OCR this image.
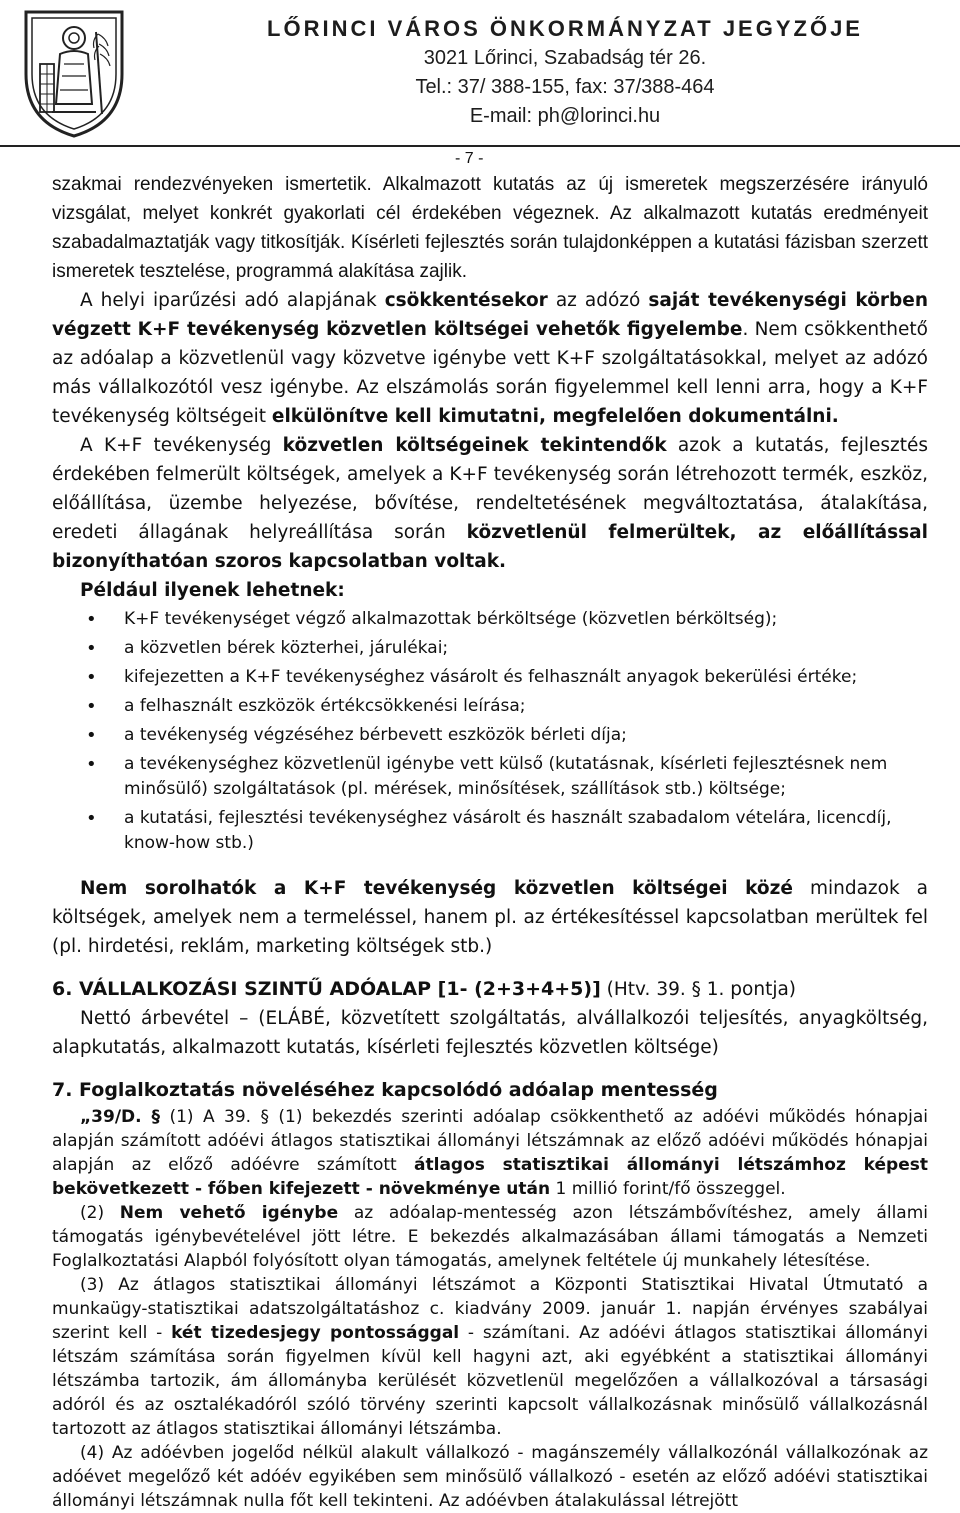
LŐRINCI VÁROS ÖNKORMÁNYZAT JEGYZŐJE
3021 Lőrinci, Szabadság tér 26.
Tel.: 37/ 388-155, fax: 37/388-464
E-mail: ph@lorinci.hu
- 7 -

szakmai rendezvényeken ismertetik. Alkalmazott kutatás az új ismeretek megszerzésére irányuló vizsgálat, melyet konkrét gyakorlati cél érdekében végeznek. Az alkalmazott kutatás eredményeit szabadalmaztatják vagy titkosítják. Kísérleti fejlesztés során tulajdonképpen a kutatási fázisban szerzett ismeretek tesztelése, programmá alakítása zajlik.

A helyi iparűzési adó alapjának csökkentésekor az adózó saját tevékenységi körben végzett K+F tevékenység közvetlen költségei vehetők figyelembe. Nem csökkenthető az adóalap a közvetlenül vagy közvetve igénybe vett K+F szolgáltatásokkal, melyet az adózó más vállalkozótól vesz igénybe. Az elszámolás során figyelemmel kell lenni arra, hogy a K+F tevékenység költségeit elkülönítve kell kimutatni, megfelelően dokumentálni.

A K+F tevékenység közvetlen költségeinek tekintendők azok a kutatás, fejlesztés érdekében felmerült költségek, amelyek a K+F tevékenység során létrehozott termék, eszköz, előállítása, üzembe helyezése, bővítése, rendeltetésének megváltoztatása, átalakítása, eredeti állagának helyreállítása során közvetlenül felmerültek, az előállítással bizonyíthatóan szoros kapcsolatban voltak.

Például ilyenek lehetnek:

• K+F tevékenységet végző alkalmazottak bérköltsége (közvetlen bérköltség);
• a közvetlen bérek közterhei, járulékai;
• kifejezetten a K+F tevékenységhez vásárolt és felhasznált anyagok bekerülési értéke;
• a felhasznált eszközök értékcsökkenési leírása;
• a tevékenység végzéséhez bérbevett eszközök bérleti díja;
• a tevékenységhez közvetlenül igénybe vett külső (kutatásnak, kísérleti fejlesztésnek nem minősülő) szolgáltatások (pl. mérések, minősítések, szállítások stb.) költsége;
• a kutatási, fejlesztési tevékenységhez vásárolt és használt szabadalom vételára, licencdíj, know-how stb.)

Nem sorolhatók a K+F tevékenység közvetlen költségei közé mindazok a költségek, amelyek nem a termeléssel, hanem pl. az értékesítéssel kapcsolatban merültek fel (pl. hirdetési, reklám, marketing költségek stb.)

6. VÁLLALKOZÁSI SZINTŰ ADÓALAP [1- (2+3+4+5)] (Htv. 39. § 1. pontja)

Nettó árbevétel – (ELÁBÉ, közvetített szolgáltatás, alvállalkozói teljesítés, anyagköltség, alapkutatás, alkalmazott kutatás, kísérleti fejlesztés közvetlen költsége)

7. Foglalkoztatás növeléséhez kapcsolódó adóalap mentesség

„39/D. § (1) A 39. § (1) bekezdés szerinti adóalap csökkenthető az adóévi működés hónapjai alapján számított adóévi átlagos statisztikai állományi létszámnak az előző adóévi működés hónapjai alapján az előző adóévre számított átlagos statisztikai állományi létszámhoz képest bekövetkezett - főben kifejezett - növekménye után 1 millió forint/fő összeggel.

(2) Nem vehető igénybe az adóalap-mentesség azon létszámbővítéshez, amely állami támogatás igénybevételével jött létre. E bekezdés alkalmazásában állami támogatás a Nemzeti Foglalkoztatási Alapból folyósított olyan támogatás, amelynek feltétele új munkahely létesítése.

(3) Az átlagos statisztikai állományi létszámot a Központi Statisztikai Hivatal Útmutató a munkaügy-statisztikai adatszolgáltatáshoz c. kiadvány 2009. január 1. napján érvényes szabályai szerint kell - két tizedesjegy pontossággal - számítani. Az adóévi átlagos statisztikai állományi létszám számítása során figyelmen kívül kell hagyni azt, aki egyébként a statisztikai állományi létszámba tartozik, ám állományba kerülését közvetlenül megelőzően a vállalkozóval a társasági adóról és az osztalékadóról szóló törvény szerinti kapcsolt vállalkozásnak minősülő vállalkozásnál tartozott az átlagos statisztikai állományi létszámba.

(4) Az adóévben jogelőd nélkül alakult vállalkozó - magánszemély vállalkozónál vállalkozónak az adóévet megelőző két adóév egyikében sem minősülő vállalkozó - esetén az előző adóévi statisztikai állományi létszámnak nulla főt kell tekinteni. Az adóévben átalakulással létrejött
